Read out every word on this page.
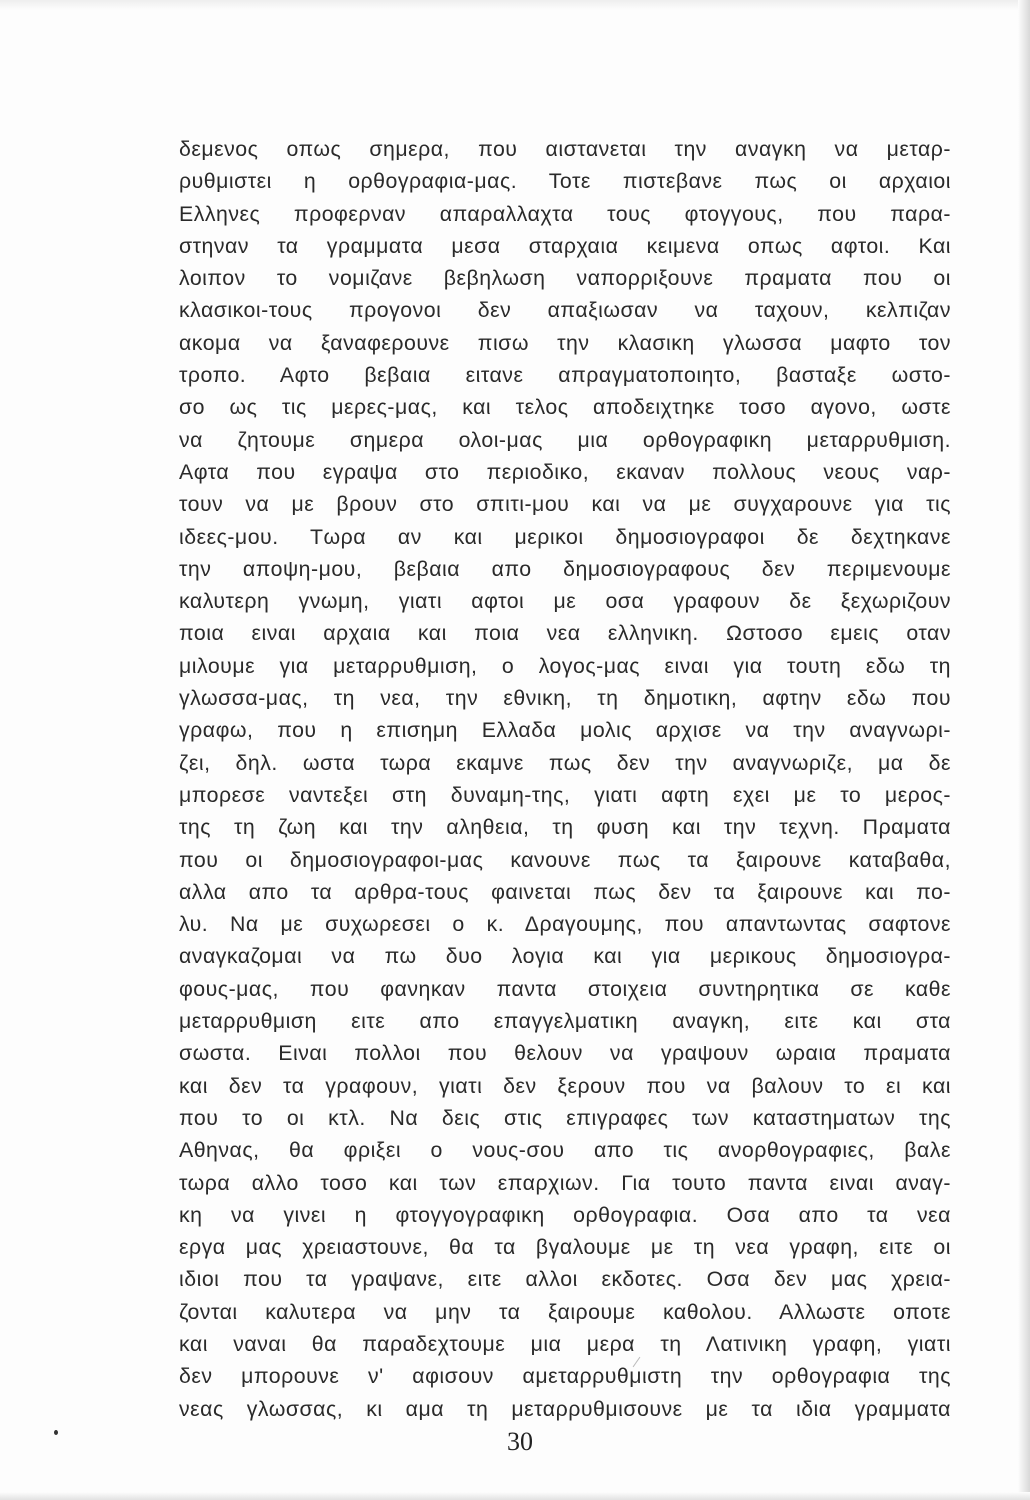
δεμενος οπως σημερα, που αιστανεται την αναγκη να μεταρ-
ρυθμιστει η ορθογραφια-μας. Τοτε πιστεβανε πως οι αρχαιοι
Ελληνες προφερναν απαραλλαχτα τους φτογγους, που παρα-
στηναν τα γραμματα μεσα σταρχαια κειμενα οπως αφτοι. Και
λοιπον το νομιζανε βεβηλωση ναπορριξουνε πραματα που οι
κλασικοι-τους προγονοι δεν απαξιωσαν να ταχουν, κελπιζαν
ακομα να ξαναφερουνε πισω την κλασικη γλωσσα μαφτο τον
τροπο. Αφτο βεβαια ειτανε απραγματοποιητο, βασταξε ωστο-
σο ως τις μερες-μας, και τελος αποδειχτηκε τοσο αγονο, ωστε
να ζητουμε σημερα ολοι-μας μια ορθογραφικη μεταρρυθμιση.
Αφτα που εγραψα στο περιοδικο, εκαναν πολλους νεους ναρ-
τουν να με βρουν στο σπιτι-μου και να με συγχαρουνε για τις
ιδεες-μου. Τωρα αν και μερικοι δημοσιογραφοι δε δεχτηκανε
την αποψη-μου, βεβαια απο δημοσιογραφους δεν περιμενουμε
καλυτερη γνωμη, γιατι αφτοι με οσα γραφουν δε ξεχωριζουν
ποια ειναι αρχαια και ποια νεα ελληνικη. Ωστοσο εμεις οταν
μιλουμε για μεταρρυθμιση, ο λογος-μας ειναι για τουτη εδω τη
γλωσσα-μας, τη νεα, την εθνικη, τη δημοτικη, αφτην εδω που
γραφω, που η επισημη Ελλαδα μολις αρχισε να την αναγνωρι-
ζει, δηλ. ωστα τωρα εκαμνε πως δεν την αναγνωριζε, μα δε
μπορεσε ναντεξει στη δυναμη-της, γιατι αφτη εχει με το μερος-
της τη ζωη και την αληθεια, τη φυση και την τεχνη. Πραματα
που οι δημοσιογραφοι-μας κανουνε πως τα ξαιρουνε καταβαθα,
αλλα απο τα αρθρα-τους φαινεται πως δεν τα ξαιρουνε και πο-
λυ. Να με συχωρεσει ο κ. Δραγουμης, που απαντωντας σαφτονε
αναγκαζομαι να πω δυο λογια και για μερικους δημοσιογρα-
φους-μας, που φανηκαν παντα στοιχεια συντηρητικα σε καθε
μεταρρυθμιση ειτε απο επαγγελματικη αναγκη, ειτε και στα
σωστα. Ειναι πολλοι που θελουν να γραψουν ωραια πραματα
και δεν τα γραφουν, γιατι δεν ξερουν που να βαλουν το ει και
που το οι κτλ. Να δεις στις επιγραφες των καταστηματων της
Αθηνας, θα φριξει ο νους-σου απο τις ανορθογραφιες, βαλε
τωρα αλλο τοσο και των επαρχιων. Για τουτο παντα ειναι αναγ-
κη να γινει η φτογγογραφικη ορθογραφια. Οσα απο τα νεα
εργα μας χρειαστουνε, θα τα βγαλουμε με τη νεα γραφη, ειτε οι
ιδιοι που τα γραψανε, ειτε αλλοι εκδοτες. Οσα δεν μας χρεια-
ζονται καλυτερα να μην τα ξαιρουμε καθολου. Αλλωστε οποτε
και ναναι θα παραδεχτουμε μια μερα τη Λατινικη γραφη, γιατι
δεν μπορουνε ν' αφισουν αμεταρρυθμιστη την ορθογραφια της
νεας γλωσσας, κι αμα τη μεταρρυθμισουνε με τα ιδια γραμματα
30
